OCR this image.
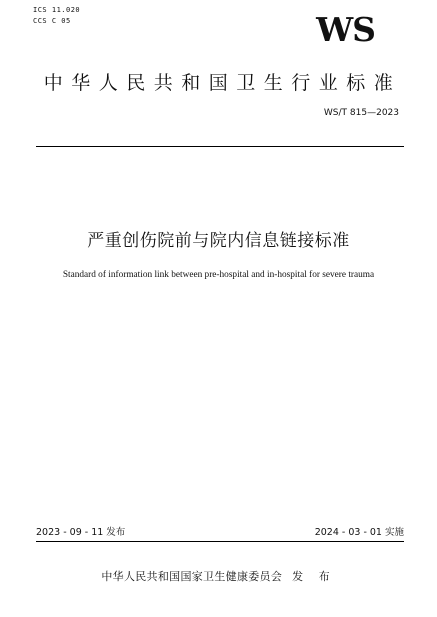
ICS 11.020
CCS C 05	WS
中华人民共和国卫生行业标准
WS/T 815—2023
严重创伤院前与院内信息链接标准
Standard of information link between pre-hospital and in-hospital for severe trauma
2023 - 09 - 11 发布	2024 - 03 - 01 实施
中华人民共和国国家卫生健康委员会 发 布
